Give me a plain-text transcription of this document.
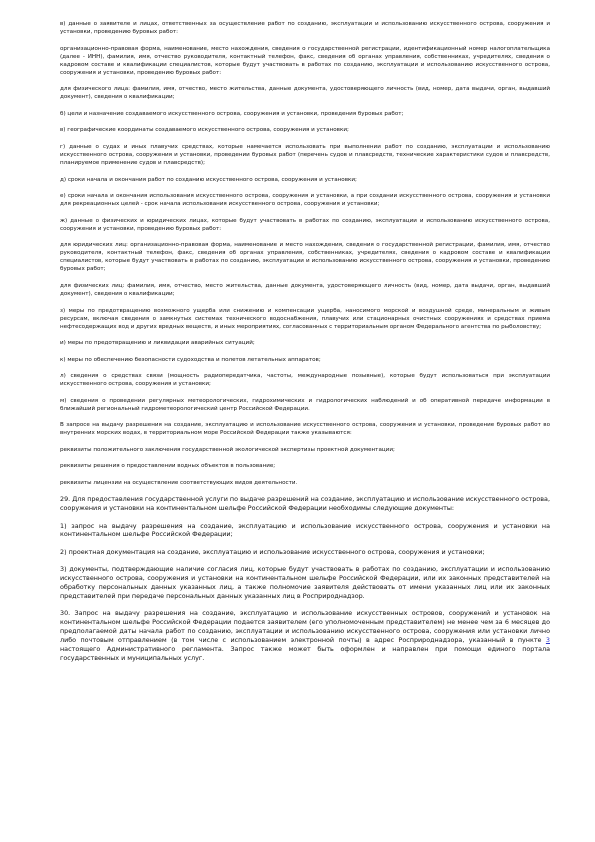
в) данные о заявителе и лицах, ответственных за осуществление работ по созданию, эксплуатации и использованию искусственного острова, сооружения и установки, проведению буровых работ:

организационно-правовая форма, наименование, место нахождения, сведения о государственной регистрации, идентификационный номер налогоплательщика (далее - ИНН), фамилия, имя, отчество руководителя, контактный телефон, факс, сведения об органах управления, собственниках, учредителях, сведения о кадровом составе и квалификации специалистов, которые будут участвовать в работах по созданию, эксплуатации и использованию искусственного острова, сооружения и установки, проведению буровых работ:

для физического лица: фамилия, имя, отчество, место жительства, данные документа, удостоверяющего личность (вид, номер, дата выдачи, орган, выдавший документ), сведения о квалификации;

б) цели и назначение создаваемого искусственного острова, сооружения и установки, проведения буровых работ;

в) географические координаты создаваемого искусственного острова, сооружения и установки;

г) данные о судах и иных плавучих средствах, которые намечается использовать при выполнении работ по созданию, эксплуатации и использованию искусственного острова, сооружения и установки, проведении буровых работ (перечень судов и плавсредств, технические характеристики судов и плавсредств, планируемое применение судов и плавсредств);

д) сроки начала и окончания работ по созданию искусственного острова, сооружения и установки;

е) сроки начала и окончания использования искусственного острова, сооружения и установки, а при создании искусственного острова, сооружения и установки для рекреационных целей - срок начала использования искусственного острова, сооружения и установки;

ж) данные о физических и юридических лицах, которые будут участвовать в работах по созданию, эксплуатации и использованию искусственного острова, сооружения и установки, проведению буровых работ:

для юридических лиц: организационно-правовая форма, наименование и место нахождения, сведения о государственной регистрации, фамилия, имя, отчество руководителя, контактный телефон, факс, сведения об органах управления, собственниках, учредителях, сведения о кадровом составе и квалификации специалистов, которые будут участвовать в работах по созданию, эксплуатации и использованию искусственного острова, сооружения и установки, проведению буровых работ;

для физических лиц: фамилия, имя, отчество, место жительства, данные документа, удостоверяющего личность (вид, номер, дата выдачи, орган, выдавший документ), сведения о квалификации;

з) меры по предотвращению возможного ущерба или снижению и компенсации ущерба, наносимого морской и воздушной среде, минеральным и живым ресурсам, включая сведения о замкнутых системах технического водоснабжения, плавучих или стационарных очистных сооружениях и средствах приема нефтесодержащих вод и других вредных веществ, и иных мероприятиях, согласованных с территориальным органом Федерального агентства по рыболовству;

и) меры по предотвращению и ликвидации аварийных ситуаций;

к) меры по обеспечению безопасности судоходства и полетов летательных аппаратов;

л) сведения о средствах связи (мощность радиопередатчика, частоты, международные позывные), которые будут использоваться при эксплуатации искусственного острова, сооружения и установки;

м) сведения о проведении регулярных метеорологических, гидрохимических и гидрологических наблюдений и об оперативной передаче информации в ближайший региональный гидрометеорологический центр Российской Федерации.

В запросе на выдачу разрешения на создание, эксплуатацию и использование искусственного острова, сооружения и установки, проведение буровых работ во внутренних морских водах, в территориальном море Российской Федерации также указываются:

реквизиты положительного заключения государственной экологической экспертизы проектной документации;

реквизиты решения о предоставлении водных объектов в пользование;

реквизиты лицензии на осуществление соответствующих видов деятельности.

29. Для предоставления государственной услуги по выдаче разрешений на создание, эксплуатацию и использование искусственного острова, сооружения и установки на континентальном шельфе Российской Федерации необходимы следующие документы:

1) запрос на выдачу разрешения на создание, эксплуатацию и использование искусственного острова, сооружения и установки на континентальном шельфе Российской Федерации;

2) проектная документация на создание, эксплуатацию и использование искусственного острова, сооружения и установки;

3) документы, подтверждающие наличие согласия лиц, которые будут участвовать в работах по созданию, эксплуатации и использованию искусственного острова, сооружения и установки на континентальном шельфе Российской Федерации, или их законных представителей на обработку персональных данных указанных лиц, а также полномочие заявителя действовать от имени указанных лиц или их законных представителей при передаче персональных данных указанных лиц в Росприроднадзор.

30. Запрос на выдачу разрешения на создание, эксплуатацию и использование искусственных островов, сооружений и установок на континентальном шельфе Российской Федерации подается заявителем (его уполномоченным представителем) не менее чем за 6 месяцев до предполагаемой даты начала работ по созданию, эксплуатации и использованию искусственного острова, сооружения или установки лично либо почтовым отправлением (в том числе с использованием электронной почты) в адрес Росприроднадзора, указанный в пункте 3 настоящего Административного регламента. Запрос также может быть оформлен и направлен при помощи единого портала государственных и муниципальных услуг.
